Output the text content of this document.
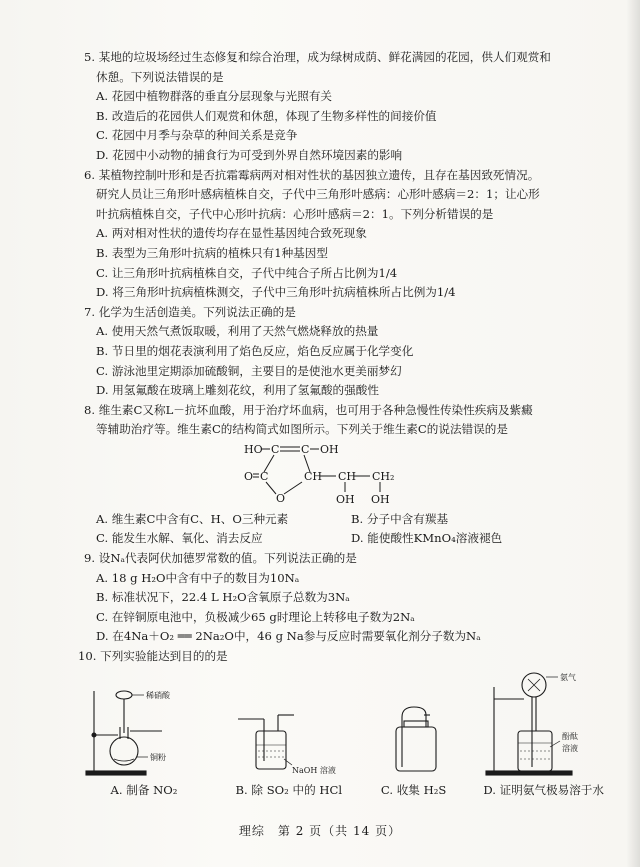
5. 某地的垃圾场经过生态修复和综合治理，成为绿树成荫、鲜花满园的花园，供人们观赏和

休憩。下列说法错误的是

A. 花园中植物群落的垂直分层现象与光照有关

B. 改造后的花园供人们观赏和休憩，体现了生物多样性的间接价值

C. 花园中月季与杂草的种间关系是竞争

D. 花园中小动物的捕食行为可受到外界自然环境因素的影响

6. 某植物控制叶形和是否抗霜霉病两对相对性状的基因独立遗传，且存在基因致死情况。

研究人员让三角形叶感病植株自交，子代中三角形叶感病：心形叶感病＝2：1；让心形

叶抗病植株自交，子代中心形叶抗病：心形叶感病＝2：1。下列分析错误的是

A. 两对相对性状的遗传均存在显性基因纯合致死现象

B. 表型为三角形叶抗病的植株只有1种基因型

C. 让三角形叶抗病植株自交，子代中纯合子所占比例为1/4

D. 将三角形叶抗病植株测交，子代中三角形叶抗病植株所占比例为1/4

7. 化学为生活创造美。下列说法正确的是

A. 使用天然气煮饭取暖，利用了天然气燃烧释放的热量

B. 节日里的烟花表演利用了焰色反应，焰色反应属于化学变化

C. 游泳池里定期添加硫酸铜，主要目的是使池水更美丽梦幻

D. 用氢氟酸在玻璃上雕刻花纹，利用了氢氟酸的强酸性

8. 维生素C又称L－抗坏血酸，用于治疗坏血病，也可用于各种急慢性传染性疾病及紫癜

等辅助治疗等。维生素C的结构简式如图所示。下列关于维生素C的说法错误的是

HO C C OH
O C
O
CH CH CH₂
OH OH
A. 维生素C中含有C、H、O三种元素	B. 分子中含有羰基
C. 能发生水解、氧化、消去反应	D. 能使酸性KMnO₄溶液褪色

9. 设Nₐ代表阿伏加德罗常数的值。下列说法正确的是

A. 18 g H₂O中含有中子的数目为10Nₐ

B. 标准状况下，22.4 L H₂O含氧原子总数为3Nₐ

C. 在锌铜原电池中，负极减少65 g时理论上转移电子数为2Nₐ

D. 在4Na＋O₂ ══ 2Na₂O中，46 g Na参与反应时需要氧化剂分子数为Nₐ

10. 下列实验能达到目的的是

稀硝酸
铜粉
A. 制备 NO₂
NaOH 溶液
B. 除 SO₂ 中的 HCl	C. 收集 H₂S
氨气
酚酞
溶液
D. 证明氨气极易溶于水
理综　第 2 页（共 14 页）
